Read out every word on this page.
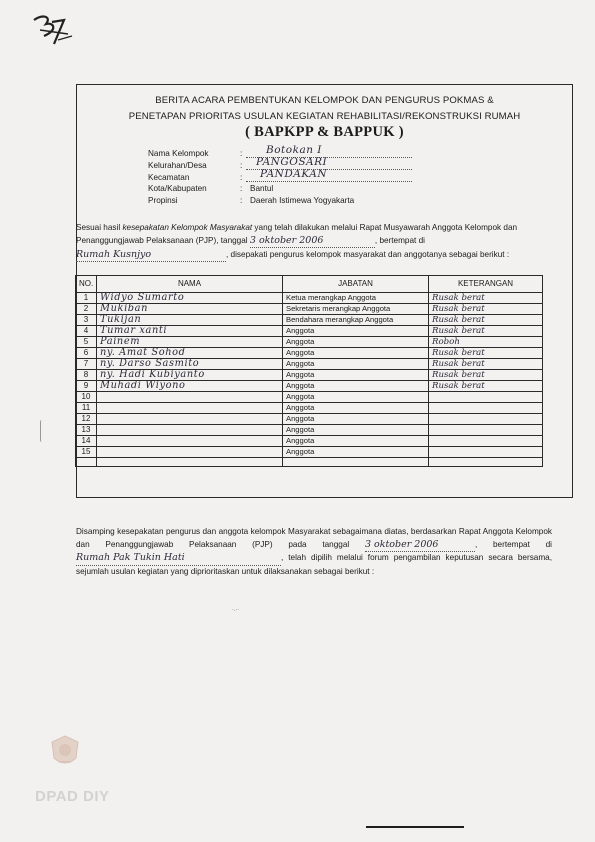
BERITA ACARA PEMBENTUKAN KELOMPOK DAN PENGURUS POKMAS &
PENETAPAN PRIORITAS USULAN KEGIATAN REHABILITASI/REKONSTRUKSI RUMAH
( BAPKPP & BAPPUK )
Nama Kelompok	: Botokan I
Kelurahan/Desa	: PANGOSARI
Kecamatan	: PANDAKAN
Kota/Kabupaten	: Bantul
Propinsi	: Daerah Istimewa Yogyakarta
Sesuai hasil kesepakatan Kelompok Masyarakat yang telah dilakukan melalui Rapat Musyawarah Anggota Kelompok dan Penanggungjawab Pelaksanaan (PJP), tanggal 3 oktober 2006	, bertempat di Rumah Kusnjyo	, disepakati pengurus kelompok masyarakat dan anggotanya sebagai berikut :
NO.	NAMA	JABATAN	KETERANGAN
1	Widyo Sumarto	Ketua merangkap Anggota	Rusak berat
2	Mukiban	Sekretaris merangkap Anggota	Rusak berat
3	Tukijan	Bendahara merangkap Anggota	Rusak berat
4	Tumar xanti	Anggota	Rusak berat
5	Painem	Anggota	Roboh
6	ny. Amat Sohod	Anggota	Rusak berat
7	ny. Darso Sasmito	Anggota	Rusak berat
8	ny. Hadi Kubiyanto	Anggota	Rusak berat
9	Muhadi Wiyono	Anggota	Rusak berat
10		Anggota	
11		Anggota	
12		Anggota	
13		Anggota	
14		Anggota	
15		Anggota	

Disamping kesepakatan pengurus dan anggota kelompok Masyarakat sebagaimana diatas, berdasarkan Rapat Anggota Kelompok dan Penanggungjawab Pelaksanaan (PJP) pada tanggal 3 oktober 2006	, bertempat di Rumah Pak Tukin Hati	, telah dipilih melalui forum pengambilan keputusan secara bersama, sejumlah usulan kegiatan yang diprioritaskan untuk dilaksanakan sebagai berikut :
·.··
DPAD DIY
